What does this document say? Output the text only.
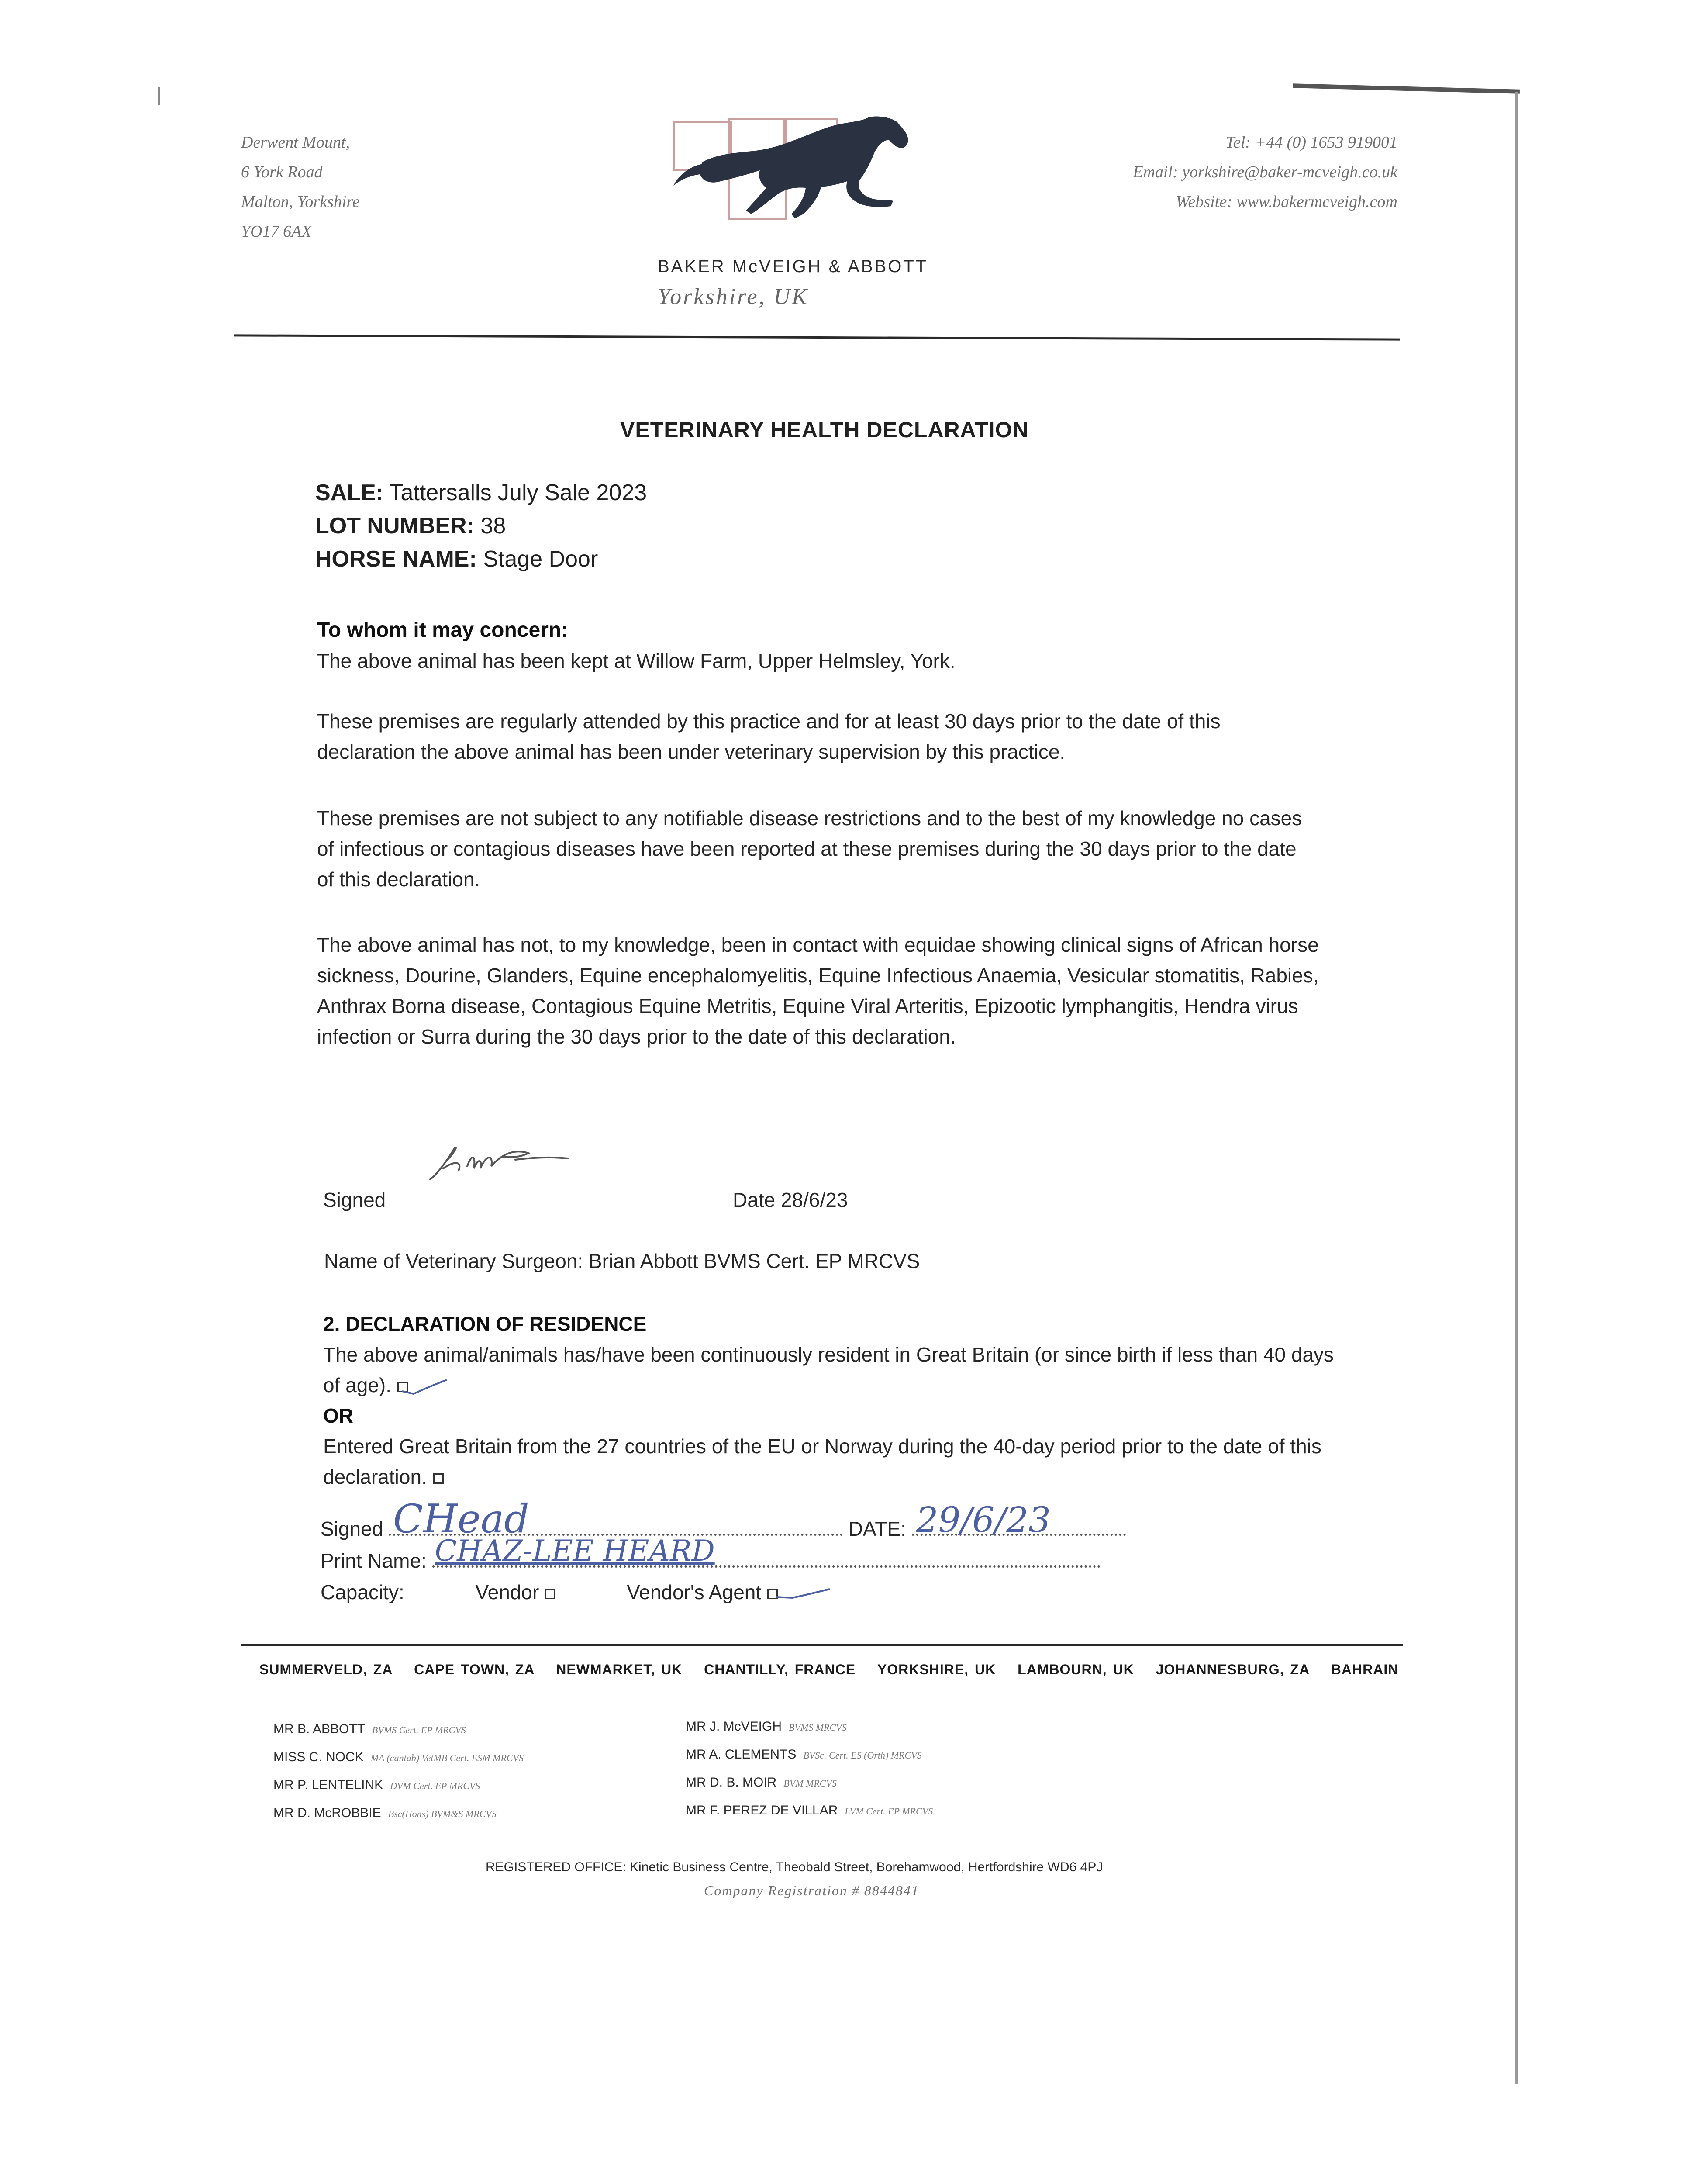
Derwent Mount,
6 York Road
Malton, Yorkshire
YO17 6AX
BAKER McVEIGH & ABBOTT
Yorkshire, UK
Tel: +44 (0) 1653 919001
Email: yorkshire@baker-mcveigh.co.uk
Website: www.bakermcveigh.com
VETERINARY HEALTH DECLARATION
SALE: Tattersalls July Sale 2023
LOT NUMBER: 38
HORSE NAME: Stage Door
To whom it may concern:
The above animal has been kept at Willow Farm, Upper Helmsley, York.
These premises are regularly attended by this practice and for at least 30 days prior to the date of this declaration the above animal has been under veterinary supervision by this practice.
These premises are not subject to any notifiable disease restrictions and to the best of my knowledge no cases of infectious or contagious diseases have been reported at these premises during the 30 days prior to the date of this declaration.
The above animal has not, to my knowledge, been in contact with equidae showing clinical signs of African horse sickness, Dourine, Glanders, Equine encephalomyelitis, Equine Infectious Anaemia, Vesicular stomatitis, Rabies, Anthrax Borna disease, Contagious Equine Metritis, Equine Viral Arteritis, Epizootic lymphangitis, Hendra virus infection or Surra during the 30 days prior to the date of this declaration.
Signed	Date 28/6/23
Name of Veterinary Surgeon: Brian Abbott BVMS Cert. EP MRCVS
2. DECLARATION OF RESIDENCE
The above animal/animals has/have been continuously resident in Great Britain (or since birth if less than 40 days of age).
OR
Entered Great Britain from the 27 countries of the EU or Norway during the 40-day period prior to the date of this declaration.
Signed CHead	DATE: 29/6/23
Print Name: CHAZ-LEE HEARD
Capacity:	Vendor	Vendor's Agent
SUMMERVELD, ZA CAPE TOWN, ZA NEWMARKET, UK CHANTILLY, FRANCE YORKSHIRE, UK LAMBOURN, UK JOHANNESBURG, ZA BAHRAIN
MR B. ABBOTT BVMS Cert. EP MRCVS
MISS C. NOCK MA (cantab) VetMB Cert. ESM MRCVS
MR P. LENTELINK DVM Cert. EP MRCVS
MR D. McROBBIE Bsc(Hons) BVM&S MRCVS
MR J. McVEIGH BVMS MRCVS
MR A. CLEMENTS BVSc. Cert. ES (Orth) MRCVS
MR D. B. MOIR BVM MRCVS
MR F. PEREZ DE VILLAR LVM Cert. EP MRCVS
REGISTERED OFFICE: Kinetic Business Centre, Theobald Street, Borehamwood, Hertfordshire WD6 4PJ
Company Registration # 8844841
